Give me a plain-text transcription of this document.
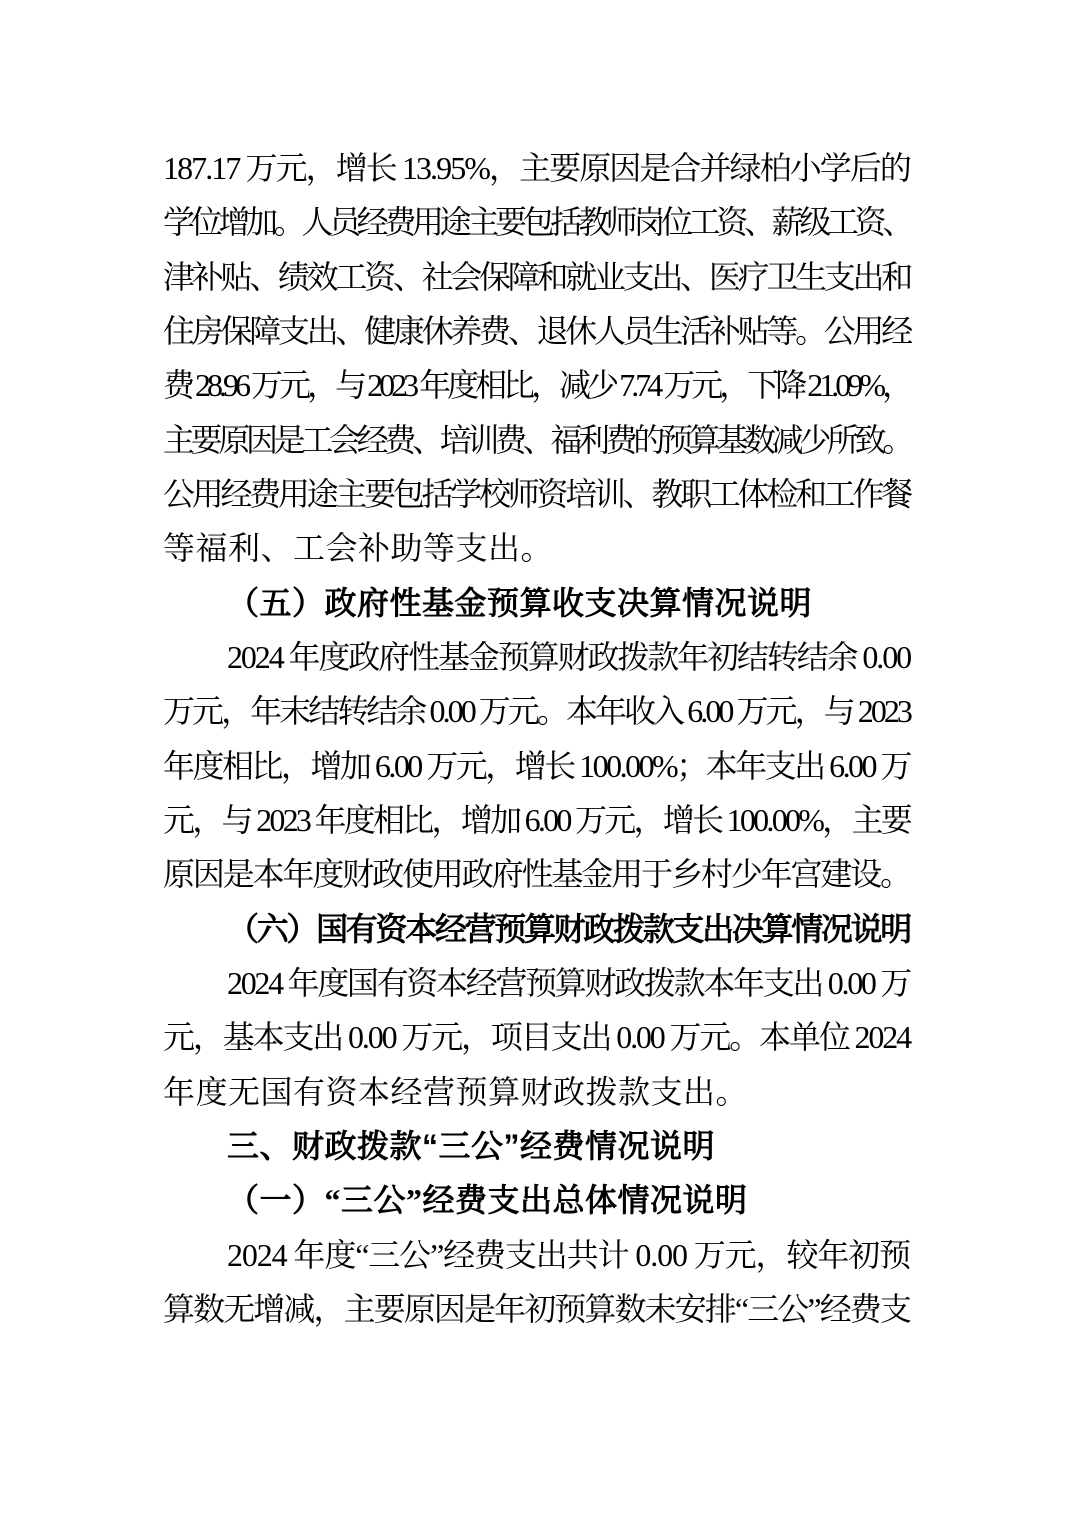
187.17 万元，增长 13.95%，主要原因是合并绿柏小学后的
学位增加。人员经费用途主要包括教师岗位工资、薪级工资、
津补贴、绩效工资、社会保障和就业支出、医疗卫生支出和
住房保障支出、健康休养费、退休人员生活补贴等。公用经
费 28.96 万元，与 2023 年度相比，减少 7.74 万元，下降 21.09%，
主要原因是工会经费、培训费、福利费的预算基数减少所致。
公用经费用途主要包括学校师资培训、教职工体检和工作餐
等福利、工会补助等支出。
（五）政府性基金预算收支决算情况说明
2024 年度政府性基金预算财政拨款年初结转结余 0.00
万元，年末结转结余 0.00 万元。本年收入 6.00 万元，与 2023
年度相比，增加 6.00 万元，增长 100.00%；本年支出 6.00 万
元，与 2023 年度相比，增加 6.00 万元，增长 100.00%，主要
原因是本年度财政使用政府性基金用于乡村少年宫建设。
（六）国有资本经营预算财政拨款支出决算情况说明
2024 年度国有资本经营预算财政拨款本年支出 0.00 万
元，基本支出 0.00 万元，项目支出 0.00 万元。本单位 2024
年度无国有资本经营预算财政拨款支出。
三、财政拨款“三公”经费情况说明
（一）“三公”经费支出总体情况说明
2024 年度“三公”经费支出共计 0.00 万元，较年初预
算数无增减，主要原因是年初预算数未安排“三公”经费支
